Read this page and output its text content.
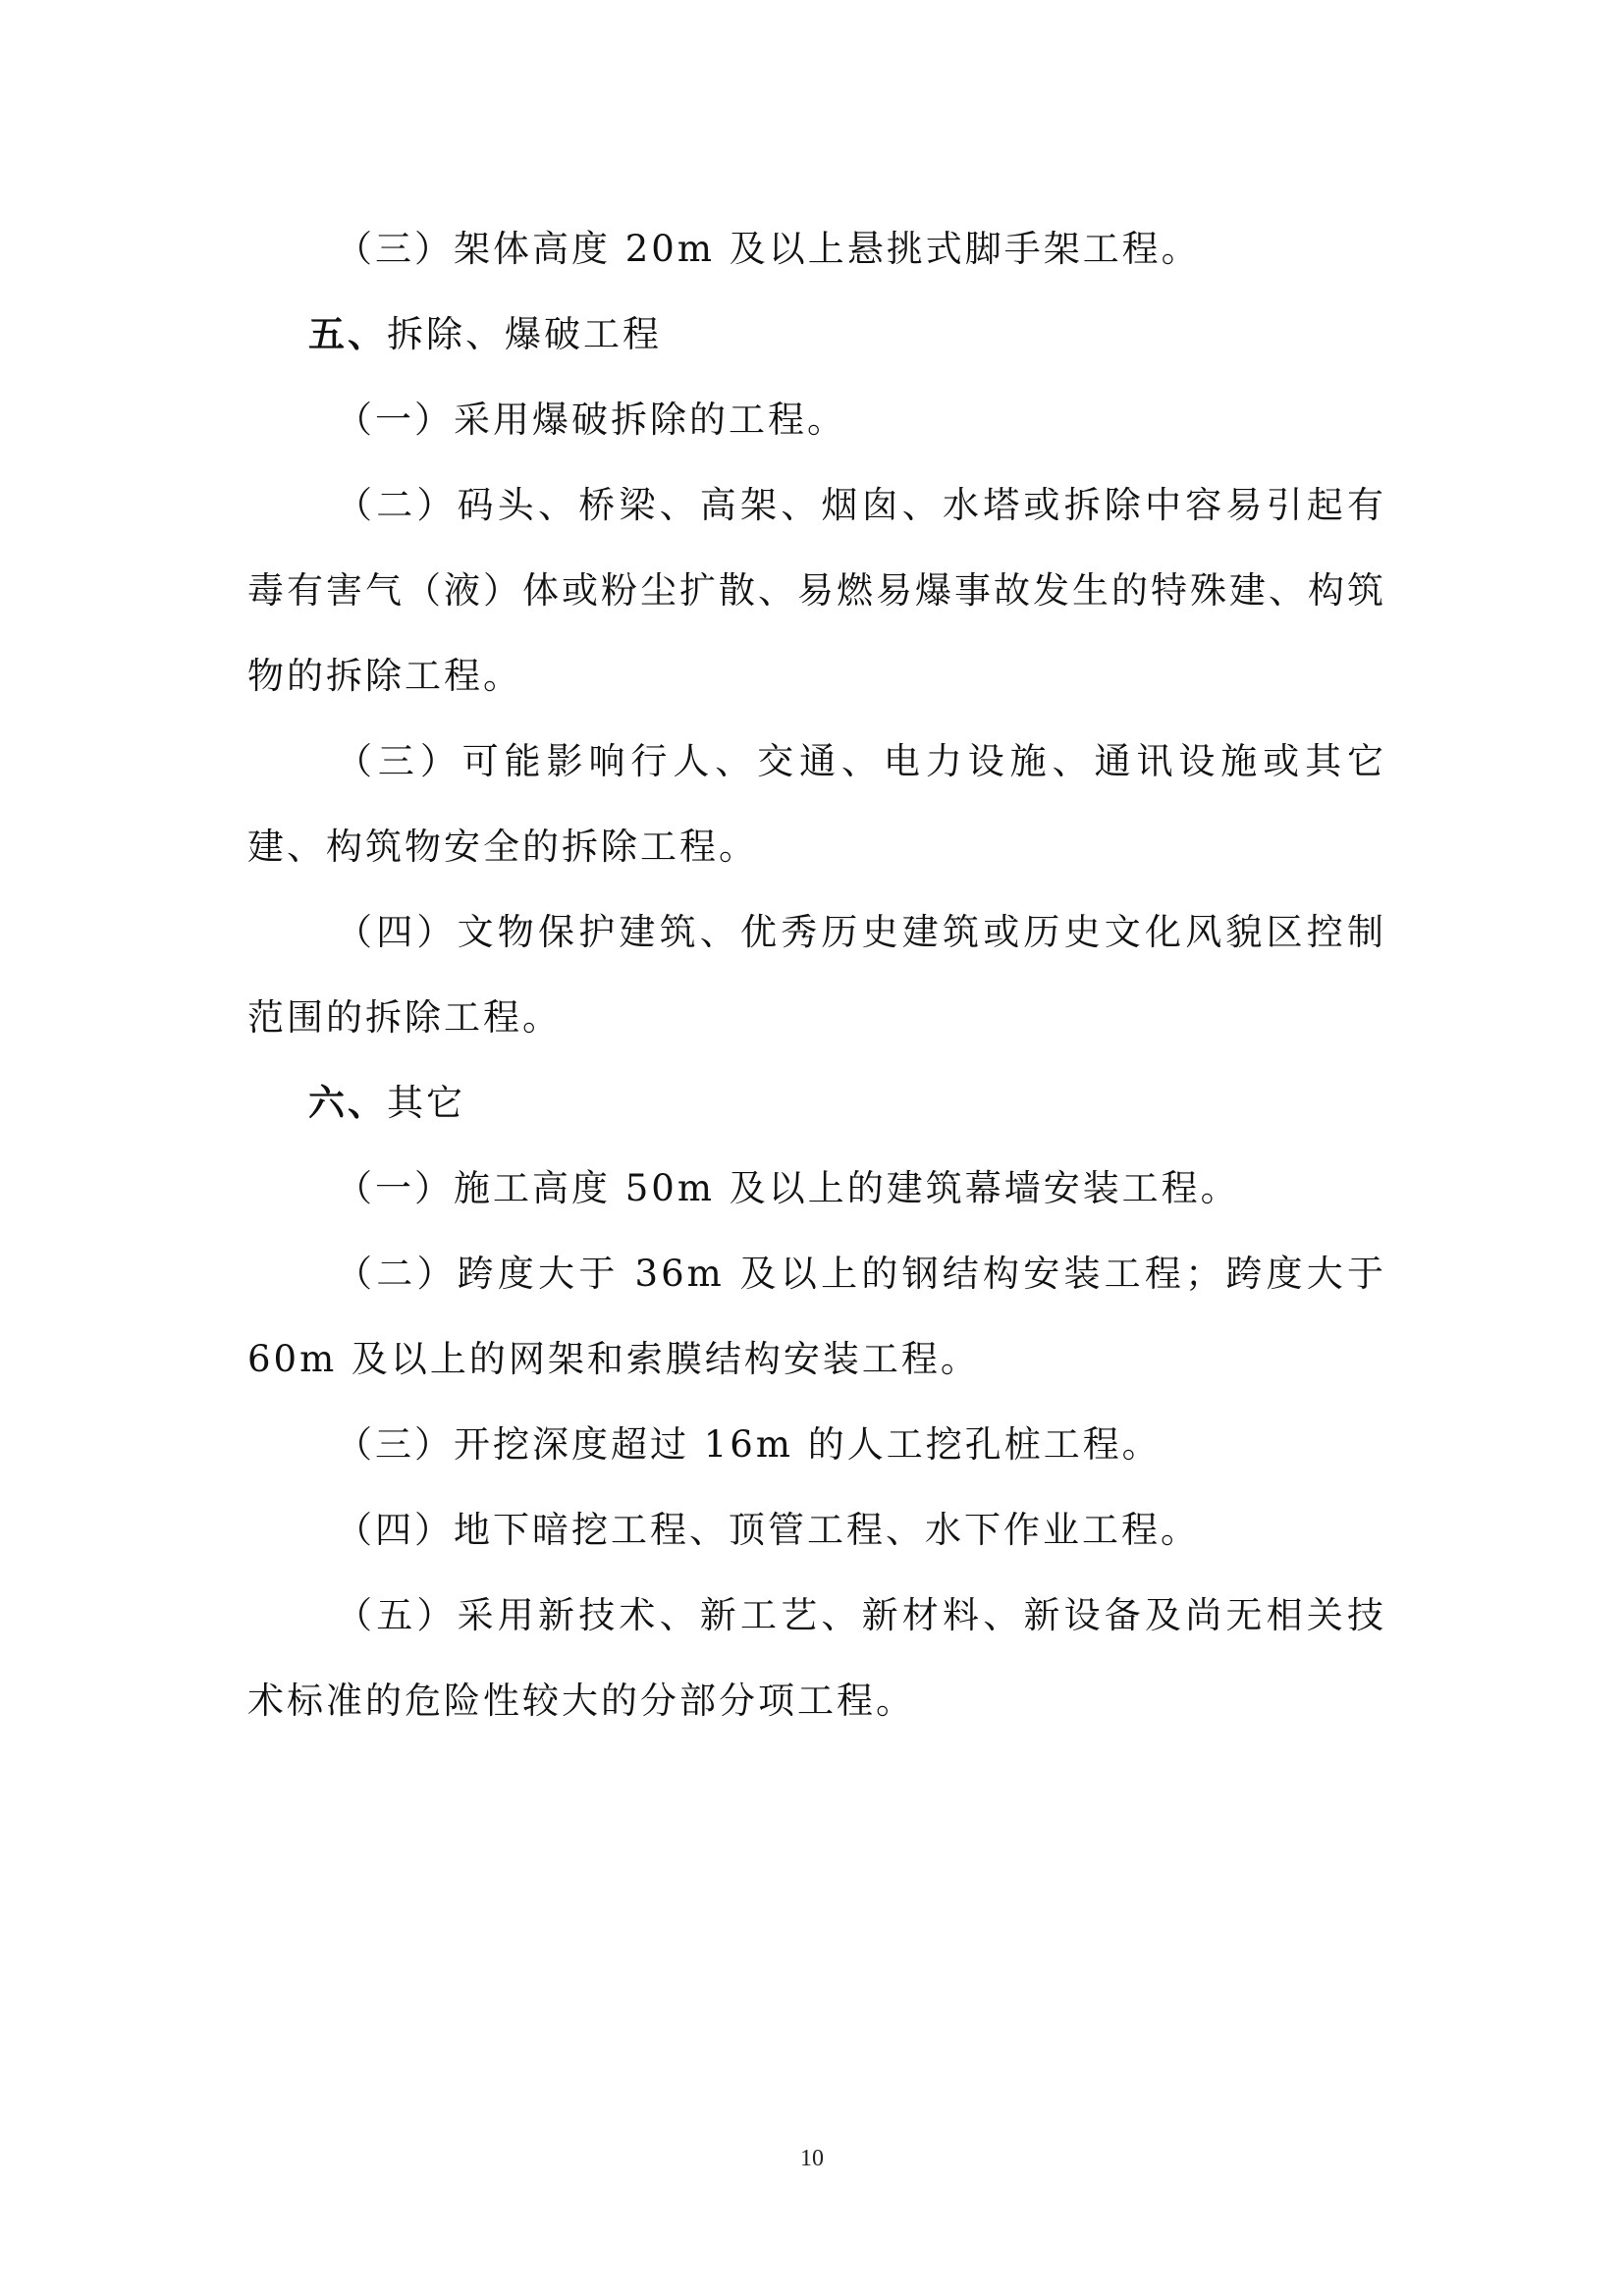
（三）架体高度 20m 及以上悬挑式脚手架工程。

五、拆除、爆破工程

（一）采用爆破拆除的工程。

（二）码头、桥梁、高架、烟囱、水塔或拆除中容易引起有毒有害气（液）体或粉尘扩散、易燃易爆事故发生的特殊建、构筑物的拆除工程。

（三）可能影响行人、交通、电力设施、通讯设施或其它建、构筑物安全的拆除工程。

（四）文物保护建筑、优秀历史建筑或历史文化风貌区控制范围的拆除工程。

六、其它

（一）施工高度 50m 及以上的建筑幕墙安装工程。

（二）跨度大于 36m 及以上的钢结构安装工程；跨度大于 60m 及以上的网架和索膜结构安装工程。

（三）开挖深度超过 16m 的人工挖孔桩工程。

（四）地下暗挖工程、顶管工程、水下作业工程。

（五）采用新技术、新工艺、新材料、新设备及尚无相关技术标准的危险性较大的分部分项工程。

10
